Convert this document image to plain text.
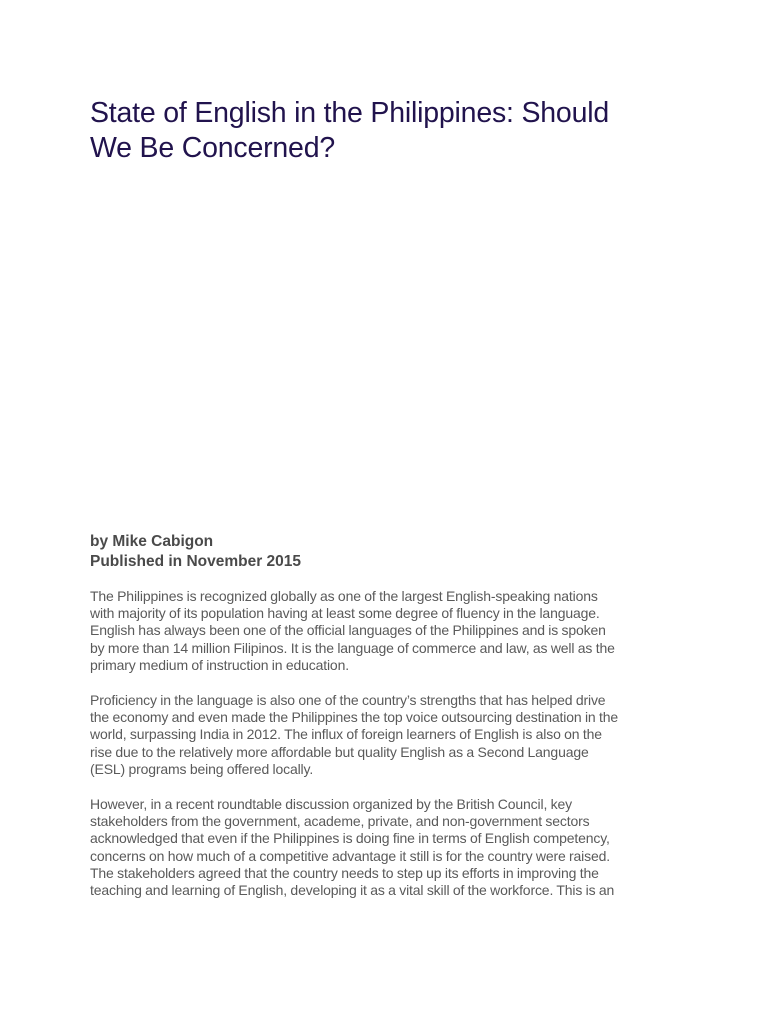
State of English in the Philippines: Should
We Be Concerned?
by Mike Cabigon
Published in November 2015

The Philippines is recognized globally as one of the largest English-speaking nations
with majority of its population having at least some degree of fluency in the language.
English has always been one of the official languages of the Philippines and is spoken
by more than 14 million Filipinos. It is the language of commerce and law, as well as the
primary medium of instruction in education.

Proficiency in the language is also one of the country’s strengths that has helped drive
the economy and even made the Philippines the top voice outsourcing destination in the
world, surpassing India in 2012. The influx of foreign learners of English is also on the
rise due to the relatively more affordable but quality English as a Second Language
(ESL) programs being offered locally.

However, in a recent roundtable discussion organized by the British Council, key
stakeholders from the government, academe, private, and non-government sectors
acknowledged that even if the Philippines is doing fine in terms of English competency,
concerns on how much of a competitive advantage it still is for the country were raised.
The stakeholders agreed that the country needs to step up its efforts in improving the
teaching and learning of English, developing it as a vital skill of the workforce. This is an
